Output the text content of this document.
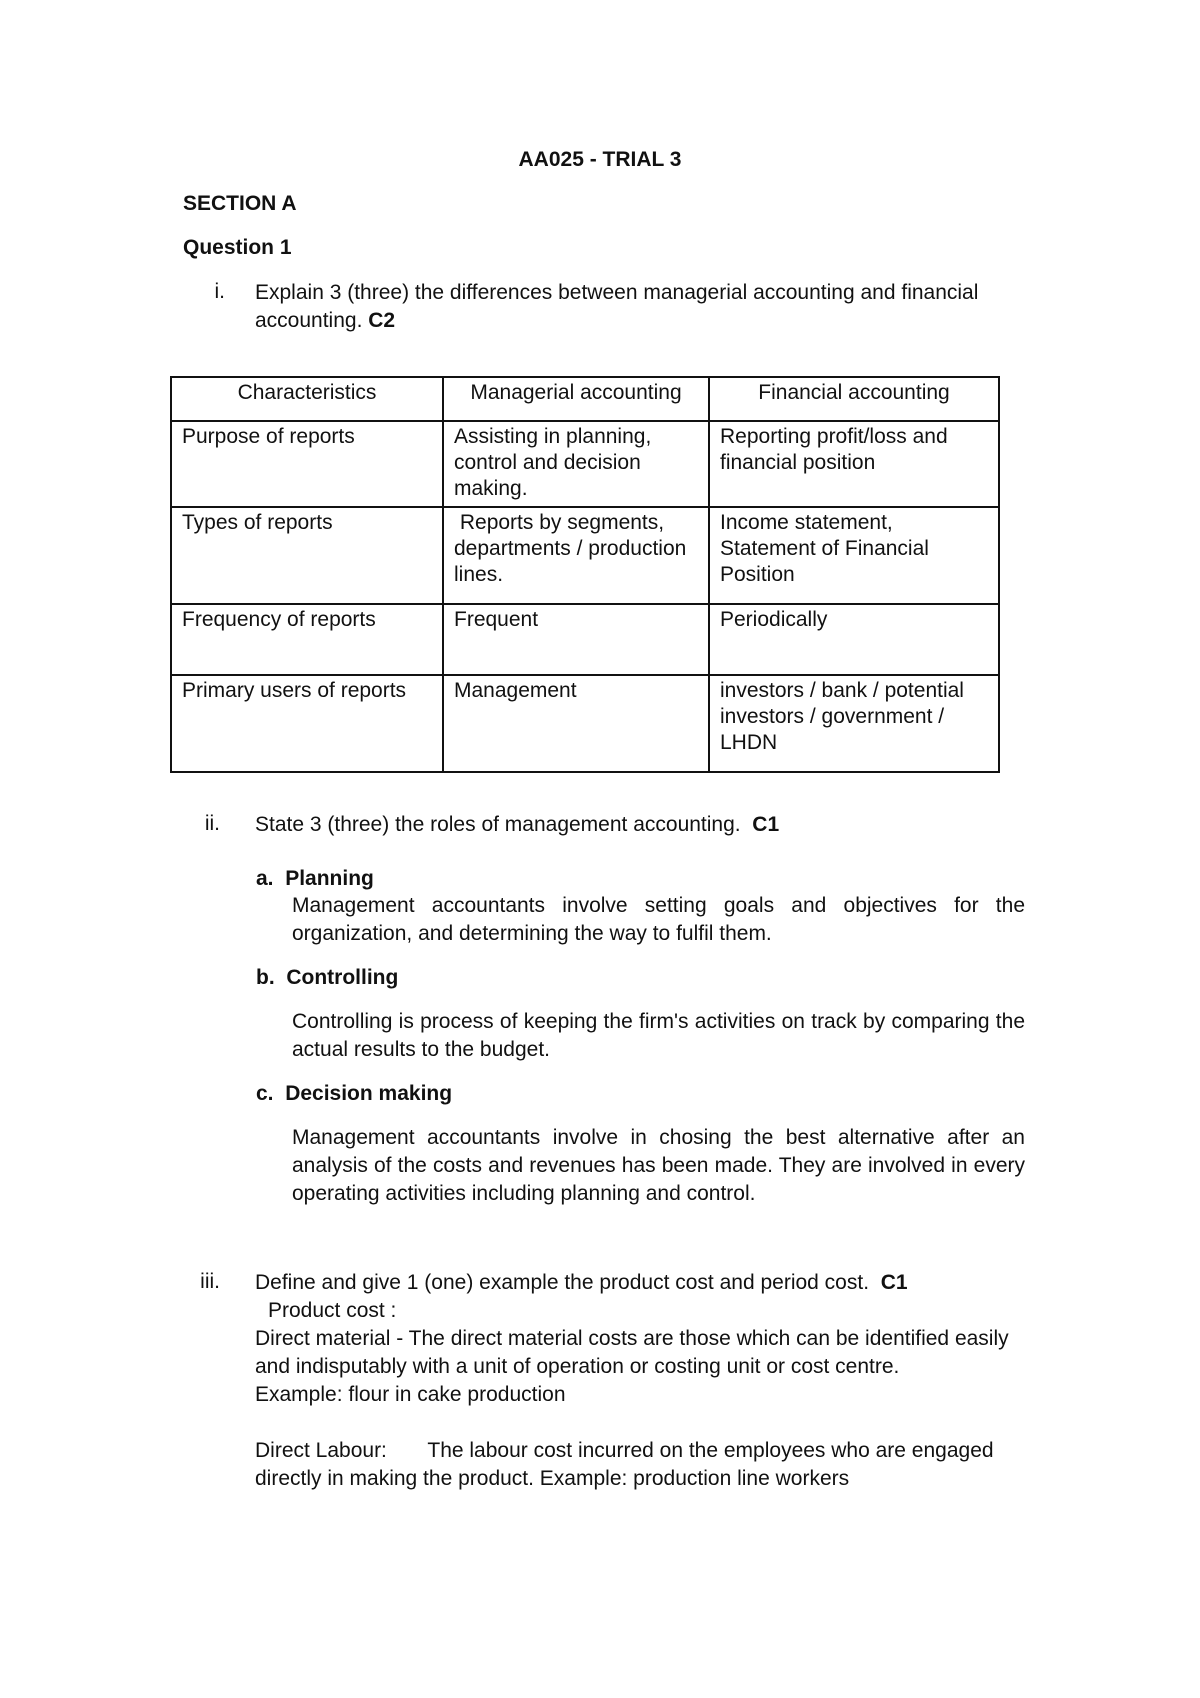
AA025 - TRIAL 3
SECTION A
Question 1
i. Explain 3 (three) the differences between managerial accounting and financial accounting. C2
Characteristics	Managerial accounting	Financial accounting
Purpose of reports	Assisting in planning, control and decision making.	Reporting profit/loss and financial position
Types of reports	Reports by segments, departments / production lines.	Income statement, Statement of Financial Position
Frequency of reports	Frequent	Periodically
Primary users of reports	Management	investors / bank / potential investors / government / LHDN
ii. State 3 (three) the roles of management accounting. C1
a. Planning
Management accountants involve setting goals and objectives for the organization, and determining the way to fulfil them.
b. Controlling
Controlling is process of keeping the firm's activities on track by comparing the actual results to the budget.
c. Decision making
Management accountants involve in chosing the best alternative after an analysis of the costs and revenues has been made. They are involved in every operating activities including planning and control.
iii. Define and give 1 (one) example the product cost and period cost. C1
Product cost :
Direct material - The direct material costs are those which can be identified easily and indisputably with a unit of operation or costing unit or cost centre.
Example: flour in cake production
Direct Labour: The labour cost incurred on the employees who are engaged directly in making the product. Example: production line workers
